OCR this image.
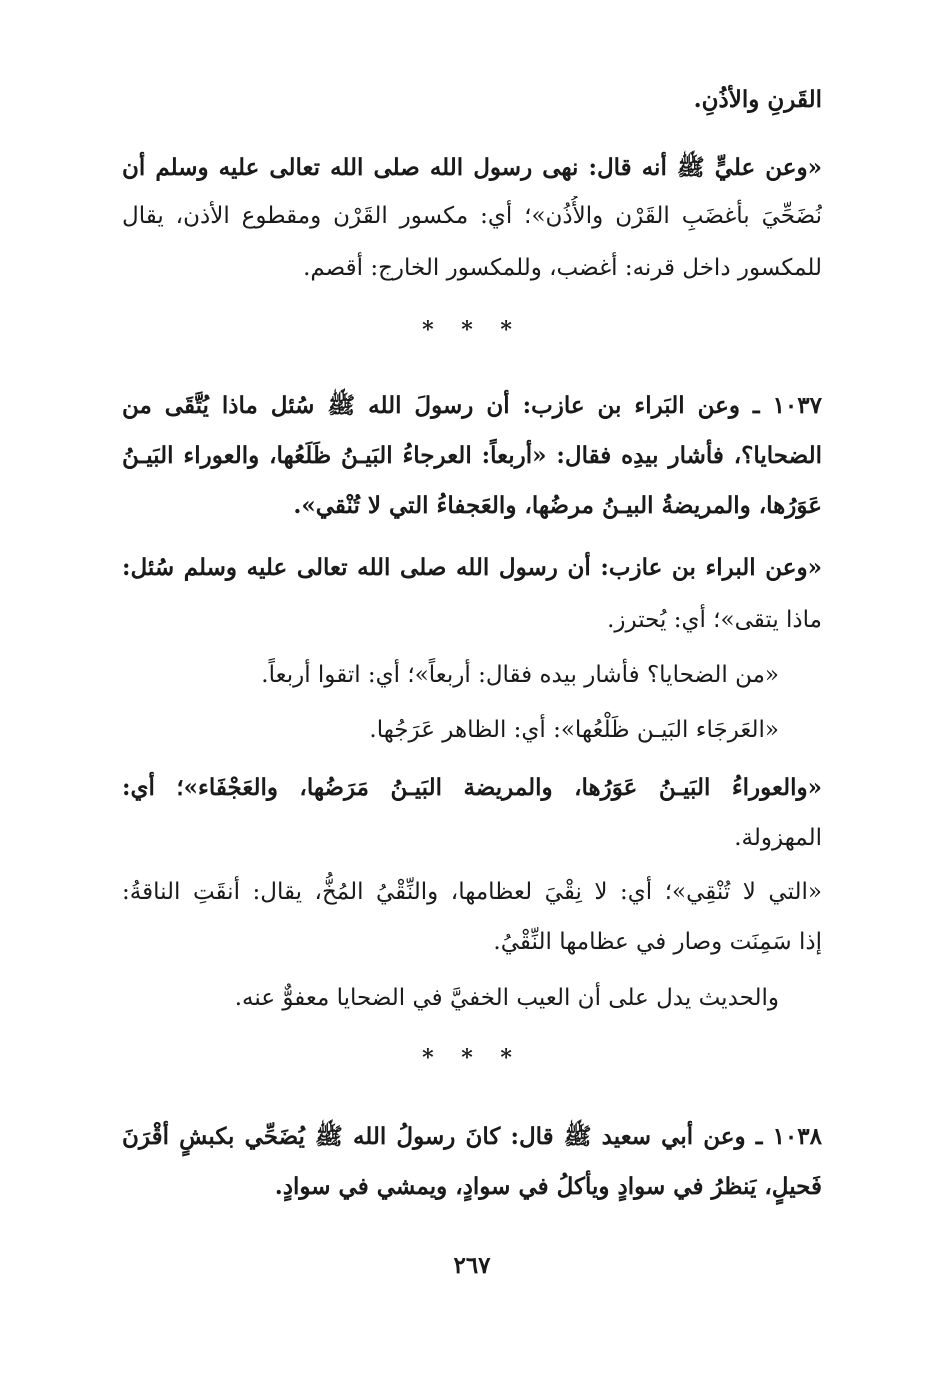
القَرنِ والأذُنِ.
«وعن عليٍّ ﷺ أنه قال: نهى رسول الله صلى الله تعالى عليه وسلم أن
نُضَحِّيَ بأغضَبِ القَرْن والأُذُن»؛ أي: مكسور القَرْن ومقطوع الأذن، يقال
للمكسور داخل قرنه: أغضب، وللمكسور الخارج: أقصم.
* * *
١٠٣٧ ـ وعن البَراء بن عازب: أن رسولَ الله ﷺ سُئل ماذا يُتَّقَى من
الضحايا؟، فأشار بيدِه فقال: «أربعاً: العرجاءُ البَيـنُ ظَلَعُها، والعوراء البَيـنُ
عَوَرُها، والمريضةُ البيـنُ مرضُها، والعَجفاءُ التي لا تُنْقي».
«وعن البراء بن عازب: أن رسول الله صلى الله تعالى عليه وسلم سُئل:
ماذا يتقى»؛ أي: يُحترز.
«من الضحايا؟ فأشار بيده فقال: أربعاً»؛ أي: اتقوا أربعاً.
«العَرجَاء البَيـن ظَلْعُها»: أي: الظاهر عَرَجُها.
«والعوراءُ البَيـنُ عَوَرُها، والمريضة البَيـنُ مَرَضُها، والعَجْفَاء»؛ أي:
المهزولة.
«التي لا تُنْقِي»؛ أي: لا نِقْيَ لعظامها، والنِّقْيُ المُخُّ، يقال: أنقَتِ الناقةُ:
إذا سَمِنَت وصار في عظامها النِّقْيُ.
والحديث يدل على أن العيب الخفيَّ في الضحايا معفوٌّ عنه.
* * *
١٠٣٨ ـ وعن أبي سعيد ﷺ قال: كانَ رسولُ الله ﷺ يُضَحِّي بكبشٍ أقْرَنَ
فَحيلٍ، يَنظرُ في سوادٍ ويأكلُ في سوادٍ، ويمشي في سوادٍ.
٢٦٧
